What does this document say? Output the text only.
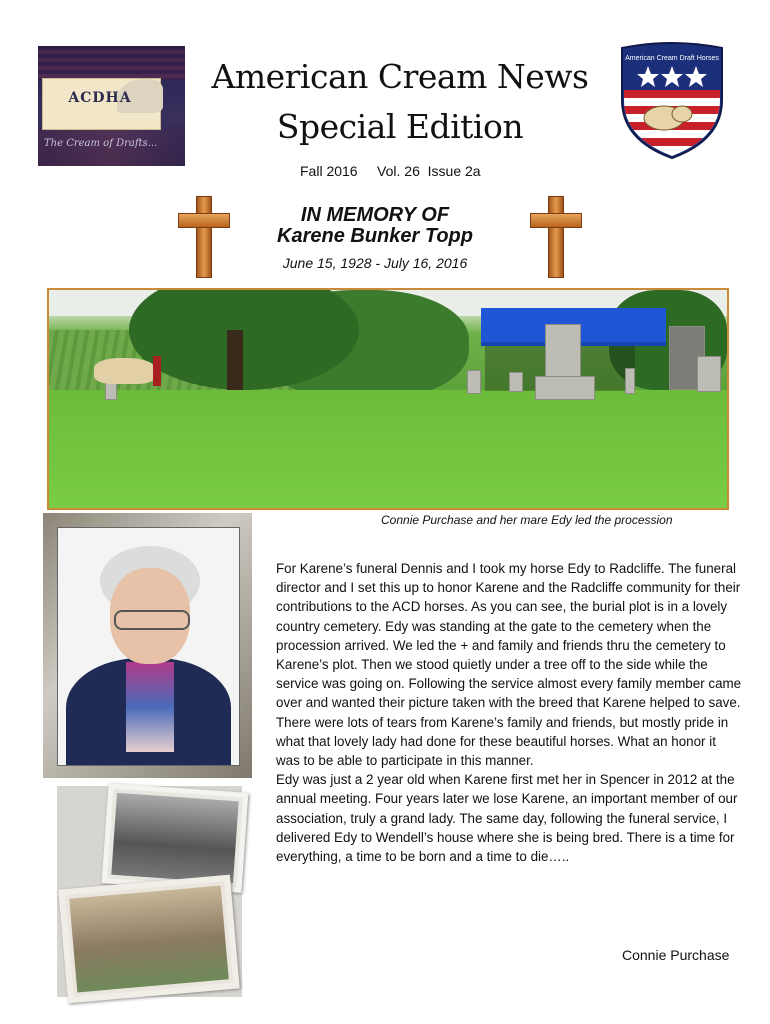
ACDHA
The Cream of Drafts...
American Cream News
Special Edition
Fall 2016 Vol. 26  Issue 2a
American Cream Draft Horses
IN MEMORY OF
Karene Bunker Topp
June 15, 1928 - July 16, 2016
Connie Purchase and her mare Edy led the procession

For Karene’s funeral Dennis and I took my horse Edy to Radcliffe. The funeral director and I set this up to honor Karene and the Radcliffe community for their contributions to the ACD horses. As you can see, the burial plot is in a lovely country cemetery. Edy was standing at the gate to the cemetery when the procession arrived. We led the + and family and friends thru the cemetery to Karene’s plot. Then we stood quietly under a tree off to the side while the service was going on. Following the service almost every family member came over and wanted their picture taken with the breed that Karene helped to save. There were lots of tears from Karene’s family and friends, but mostly pride in what that lovely lady had done for these beautiful horses. What an honor it was to be able to participate in this manner.

Edy was just a 2 year old when Karene first met her in Spencer in 2012 at the annual meeting. Four years later we lose Karene, an important member of our association, truly a grand lady. The same day, following the funeral service, I delivered Edy to Wendell’s house where she is being bred. There is a time for everything, a time to be born and a time to die…..

Connie Purchase
